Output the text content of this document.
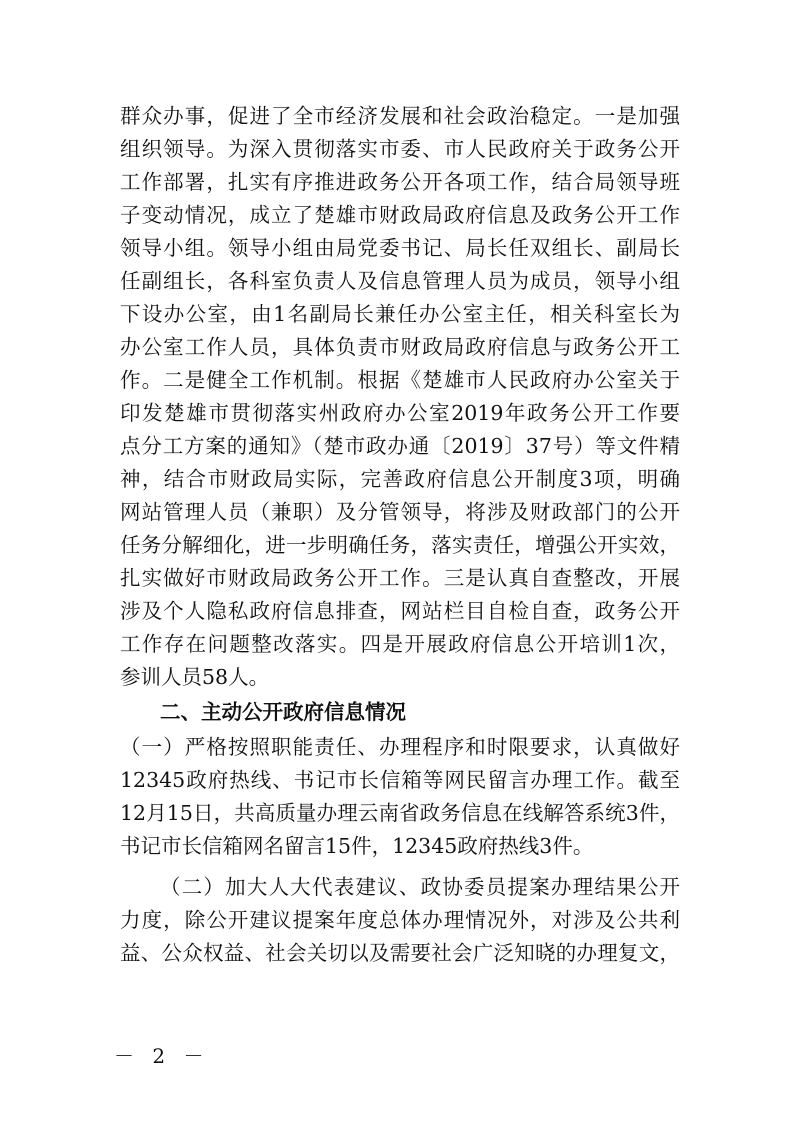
群众办事，促进了全市经济发展和社会政治稳定。一是加强
组织领导。为深入贯彻落实市委、市人民政府关于政务公开
工作部署，扎实有序推进政务公开各项工作，结合局领导班
子变动情况，成立了楚雄市财政局政府信息及政务公开工作
领导小组。领导小组由局党委书记、局长任双组长、副局长
任副组长，各科室负责人及信息管理人员为成员，领导小组
下设办公室，由1名副局长兼任办公室主任，相关科室长为
办公室工作人员，具体负责市财政局政府信息与政务公开工
作。二是健全工作机制。根据《楚雄市人民政府办公室关于
印发楚雄市贯彻落实州政府办公室2019年政务公开工作要
点分工方案的通知》（楚市政办通〔2019〕37号）等文件精
神，结合市财政局实际，完善政府信息公开制度3项，明确
网站管理人员（兼职）及分管领导，将涉及财政部门的公开
任务分解细化，进一步明确任务，落实责任，增强公开实效，
扎实做好市财政局政务公开工作。三是认真自查整改，开展
涉及个人隐私政府信息排查，网站栏目自检自查，政务公开
工作存在问题整改落实。四是开展政府信息公开培训1次，
参训人员58人。
二、主动公开政府信息情况
（一）严格按照职能责任、办理程序和时限要求，认真做好
12345政府热线、书记市长信箱等网民留言办理工作。截至
12月15日，共高质量办理云南省政务信息在线解答系统3件，
书记市长信箱网名留言15件，12345政府热线3件。
（二）加大人大代表建议、政协委员提案办理结果公开
力度，除公开建议提案年度总体办理情况外，对涉及公共利
益、公众权益、社会关切以及需要社会广泛知晓的办理复文，
－ 2 －
